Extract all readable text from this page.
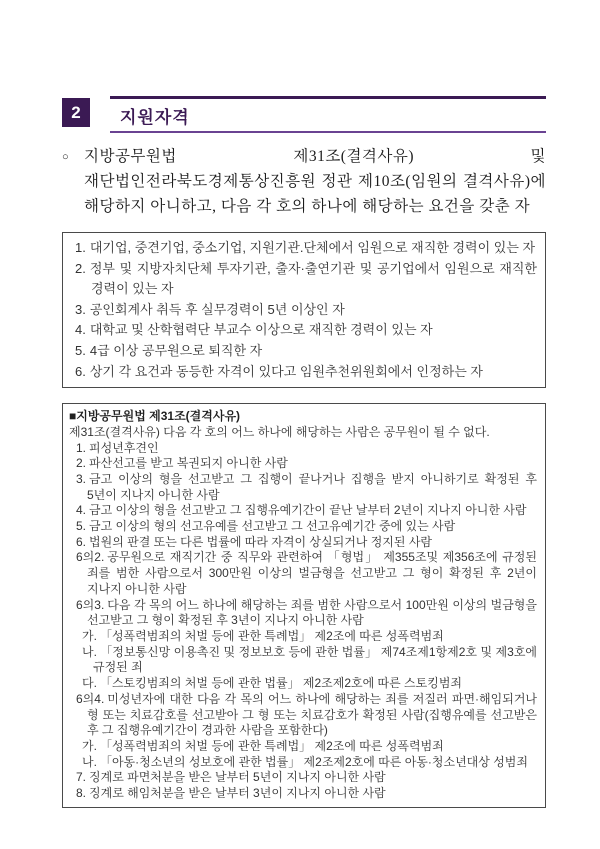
2	지원자격
○ 지방공무원법 제31조(결격사유) 및 재단법인전라북도경제통상진흥원 정관 제10조(임원의 결격사유)에 해당하지 아니하고, 다음 각 호의 하나에 해당하는 요건을 갖춘 자
1. 대기업, 중견기업, 중소기업, 지원기관.단체에서 임원으로 재직한 경력이 있는 자
2. 정부 및 지방자치단체 투자기관, 출자·출연기관 및 공기업에서 임원으로 재직한 경력이 있는 자
3. 공인회계사 취득 후 실무경력이 5년 이상인 자
4. 대학교 및 산학협력단 부교수 이상으로 재직한 경력이 있는 자
5. 4급 이상 공무원으로 퇴직한 자
6. 상기 각 요건과 동등한 자격이 있다고 임원추천위원회에서 인정하는 자
■지방공무원법 제31조(결격사유)
제31조(결격사유) 다음 각 호의 어느 하나에 해당하는 사람은 공무원이 될 수 없다.
1. 피성년후견인
2. 파산선고를 받고 복권되지 아니한 사람
3. 금고 이상의 형을 선고받고 그 집행이 끝나거나 집행을 받지 아니하기로 확정된 후 5년이 지나지 아니한 사람
4. 금고 이상의 형을 선고받고 그 집행유예기간이 끝난 날부터 2년이 지나지 아니한 사람
5. 금고 이상의 형의 선고유예를 선고받고 그 선고유예기간 중에 있는 사람
6. 법원의 판결 또는 다른 법률에 따라 자격이 상실되거나 정지된 사람
6의2. 공무원으로 재직기간 중 직무와 관련하여 「형법」 제355조및 제356조에 규정된 죄를 범한 사람으로서 300만원 이상의 벌금형을 선고받고 그 형이 확정된 후 2년이 지나지 아니한 사람
6의3. 다음 각 목의 어느 하나에 해당하는 죄를 범한 사람으로서 100만원 이상의 벌금형을 선고받고 그 형이 확정된 후 3년이 지나지 아니한 사람
가. 「성폭력범죄의 처벌 등에 관한 특례법」 제2조에 따른 성폭력범죄
나. 「정보통신망 이용촉진 및 정보보호 등에 관한 법률」 제74조제1항제2호 및 제3호에 규정된 죄
다. 「스토킹범죄의 처벌 등에 관한 법률」 제2조제2호에 따른 스토킹범죄
6의4. 미성년자에 대한 다음 각 목의 어느 하나에 해당하는 죄를 저질러 파면·해임되거나 형 또는 치료감호를 선고받아 그 형 또는 치료감호가 확정된 사람(집행유예를 선고받은 후 그 집행유예기간이 경과한 사람을 포함한다)
가. 「성폭력범죄의 처벌 등에 관한 특례법」 제2조에 따른 성폭력범죄
나. 「아동·청소년의 성보호에 관한 법률」 제2조제2호에 따른 아동·청소년대상 성범죄
7. 징계로 파면처분을 받은 날부터 5년이 지나지 아니한 사람
8. 징계로 해임처분을 받은 날부터 3년이 지나지 아니한 사람
